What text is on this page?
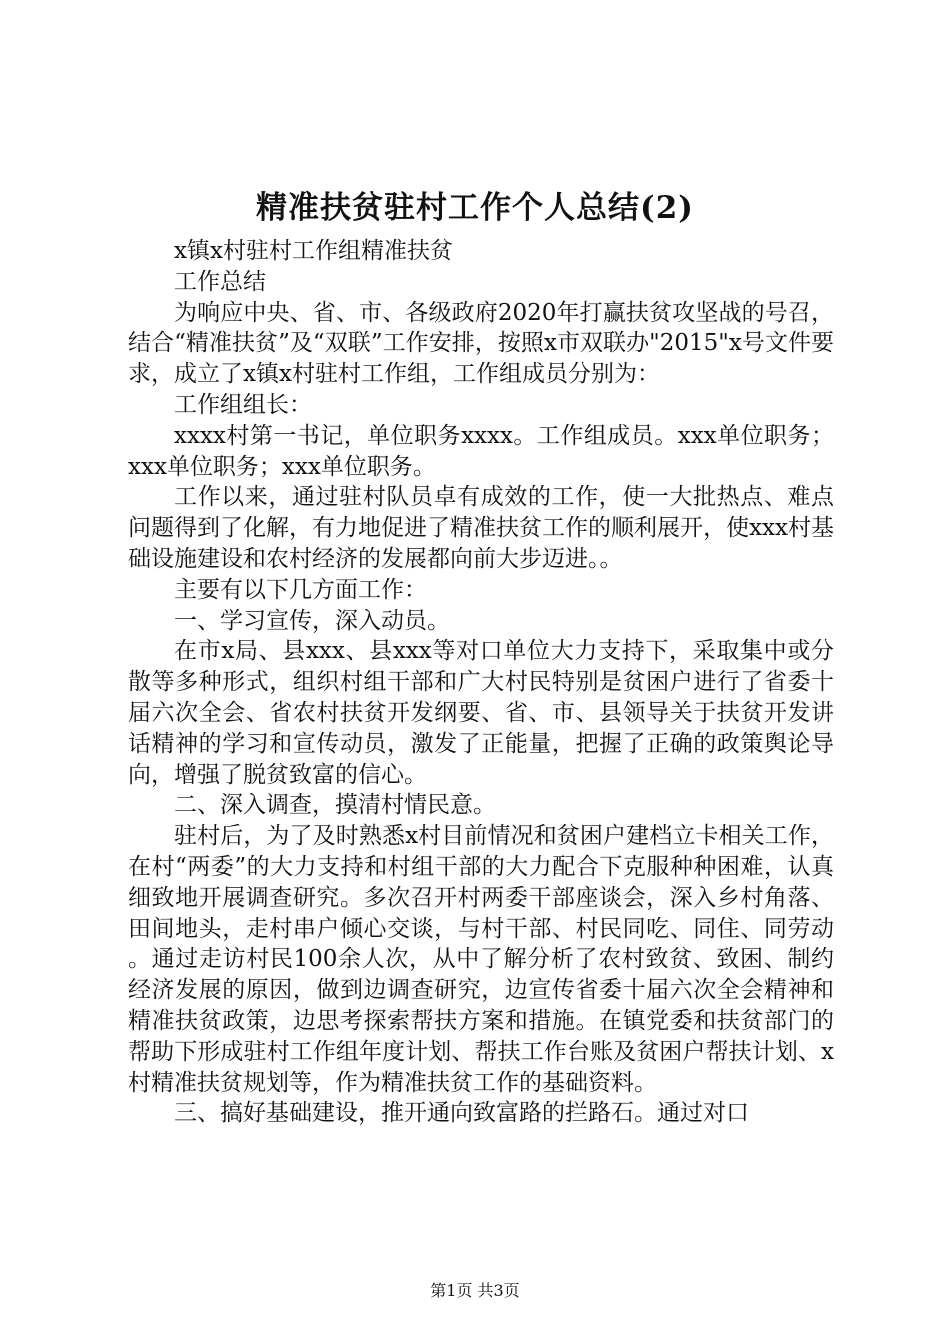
精准扶贫驻村工作个人总结(2)

x镇x村驻村工作组精准扶贫

工作总结

为响应中央、省、市、各级政府2020年打赢扶贫攻坚战的号召，结合“精准扶贫”及“双联”工作安排，按照x市双联办"2015"x号文件要求，成立了x镇x村驻村工作组，工作组成员分别为：

工作组组长：

xxxx村第一书记，单位职务xxxx。工作组成员。xxx单位职务；xxx单位职务；xxx单位职务。

工作以来，通过驻村队员卓有成效的工作，使一大批热点、难点问题得到了化解，有力地促进了精准扶贫工作的顺利展开，使xxx村基础设施建设和农村经济的发展都向前大步迈进。。

主要有以下几方面工作：

一、学习宣传，深入动员。

在市x局、县xxx、县xxx等对口单位大力支持下，采取集中或分散等多种形式，组织村组干部和广大村民特别是贫困户进行了省委十届六次全会、省农村扶贫开发纲要、省、市、县领导关于扶贫开发讲话精神的学习和宣传动员，激发了正能量，把握了正确的政策舆论导向，增强了脱贫致富的信心。

二、深入调查，摸清村情民意。

驻村后，为了及时熟悉x村目前情况和贫困户建档立卡相关工作，在村“两委”的大力支持和村组干部的大力配合下克服种种困难，认真细致地开展调查研究。多次召开村两委干部座谈会，深入乡村角落、田间地头，走村串户倾心交谈，与村干部、村民同吃、同住、同劳动。通过走访村民100余人次，从中了解分析了农村致贫、致困、制约经济发展的原因，做到边调查研究，边宣传省委十届六次全会精神和精准扶贫政策，边思考探索帮扶方案和措施。在镇党委和扶贫部门的帮助下形成驻村工作组年度计划、帮扶工作台账及贫困户帮扶计划、x村精准扶贫规划等，作为精准扶贫工作的基础资料。

三、搞好基础建设，推开通向致富路的拦路石。通过对口

第1页 共3页
